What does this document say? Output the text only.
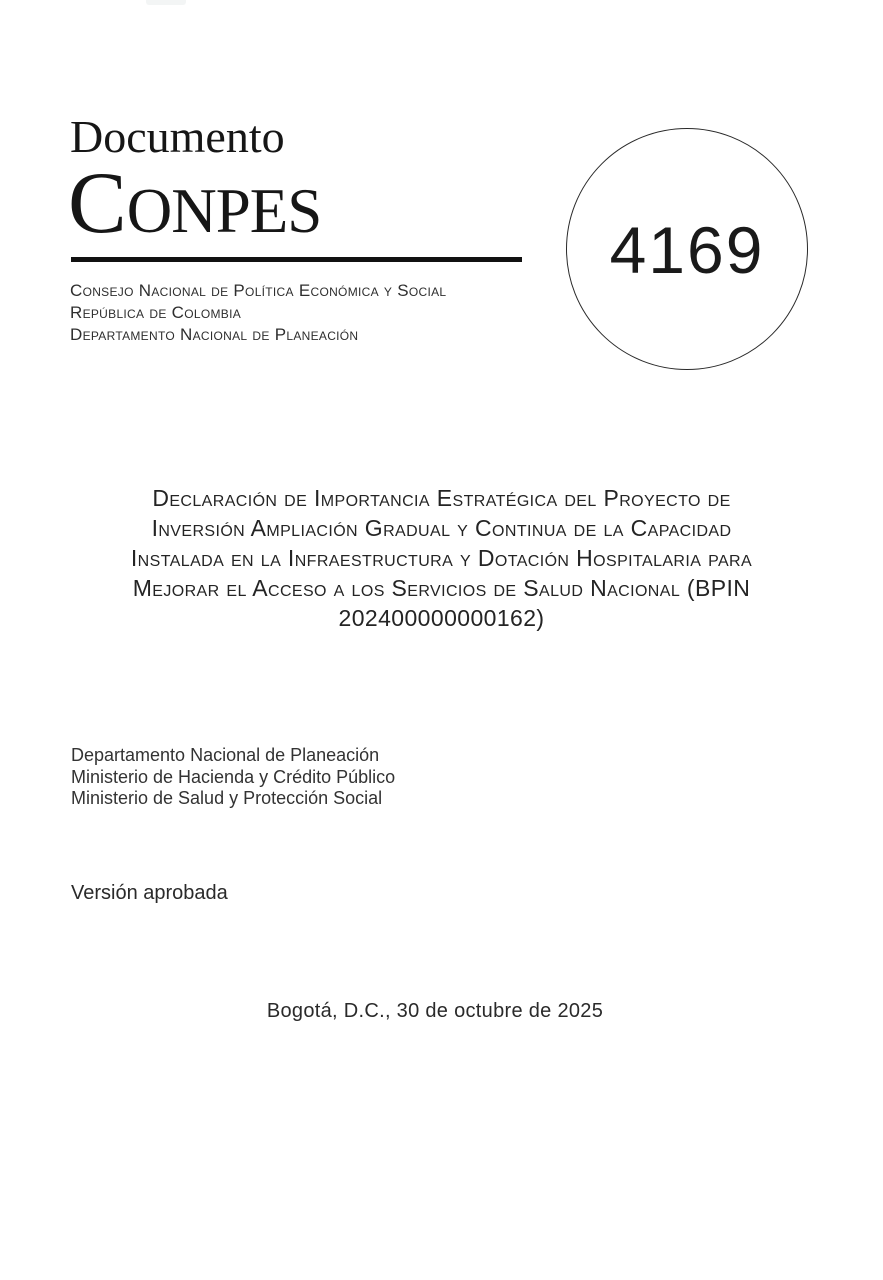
Documento
CONPES
Consejo Nacional de Política Económica y Social
República de Colombia
Departamento Nacional de Planeación
4169
Declaración de Importancia Estratégica del Proyecto de
Inversión Ampliación Gradual y Continua de la Capacidad
Instalada en la Infraestructura y Dotación Hospitalaria para
Mejorar el Acceso a los Servicios de Salud Nacional (BPIN
202400000000162)
Departamento Nacional de Planeación
Ministerio de Hacienda y Crédito Público
Ministerio de Salud y Protección Social
Versión aprobada
Bogotá, D.C., 30 de octubre de 2025
